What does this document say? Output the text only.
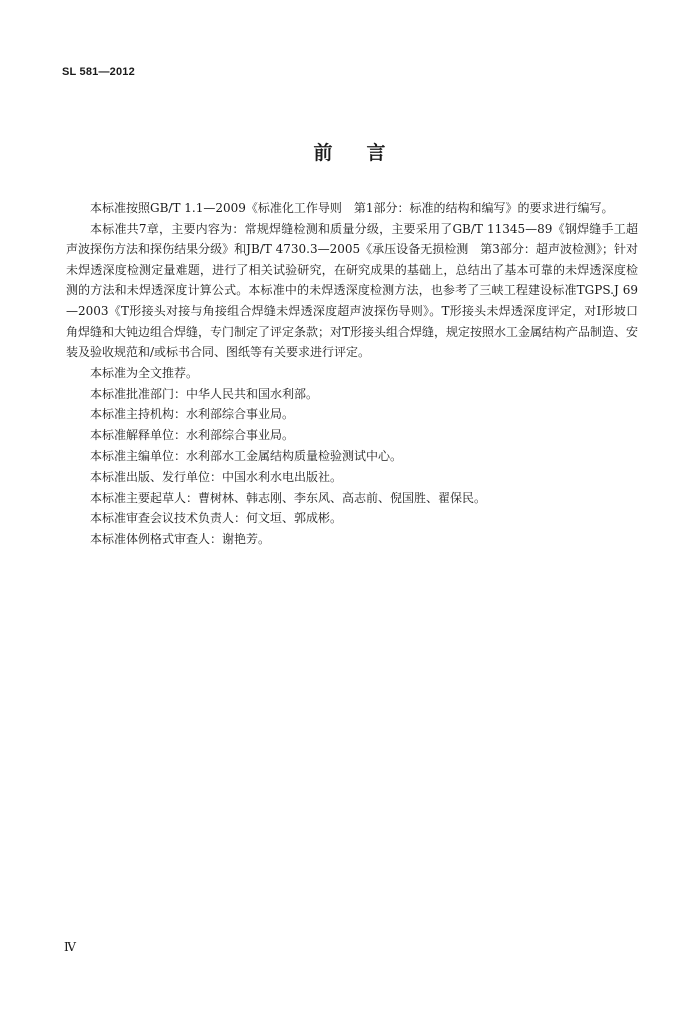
SL 581—2012
前言

本标准按照GB/T 1.1—2009《标准化工作导则　第1部分：标准的结构和编写》的要求进行编写。

本标准共7章，主要内容为：常规焊缝检测和质量分级，主要采用了GB/T 11345—89《钢焊缝手工超声波探伤方法和探伤结果分级》和JB/T 4730.3—2005《承压设备无损检测　第3部分：超声波检测》；针对未焊透深度检测定量难题，进行了相关试验研究，在研究成果的基础上，总结出了基本可靠的未焊透深度检测的方法和未焊透深度计算公式。本标准中的未焊透深度检测方法，也参考了三峡工程建设标准TGPS.J 69—2003《T形接头对接与角接组合焊缝未焊透深度超声波探伤导则》。T形接头未焊透深度评定，对I形坡口角焊缝和大钝边组合焊缝，专门制定了评定条款；对T形接头组合焊缝，规定按照水工金属结构产品制造、安装及验收规范和/或标书合同、图纸等有关要求进行评定。

本标准为全文推荐。

本标准批准部门：中华人民共和国水利部。

本标准主持机构：水利部综合事业局。

本标准解释单位：水利部综合事业局。

本标准主编单位：水利部水工金属结构质量检验测试中心。

本标准出版、发行单位：中国水利水电出版社。

本标准主要起草人：曹树林、韩志刚、李东风、高志前、倪国胜、翟保民。

本标准审查会议技术负责人：何文垣、郭成彬。

本标准体例格式审查人：谢艳芳。

Ⅳ
